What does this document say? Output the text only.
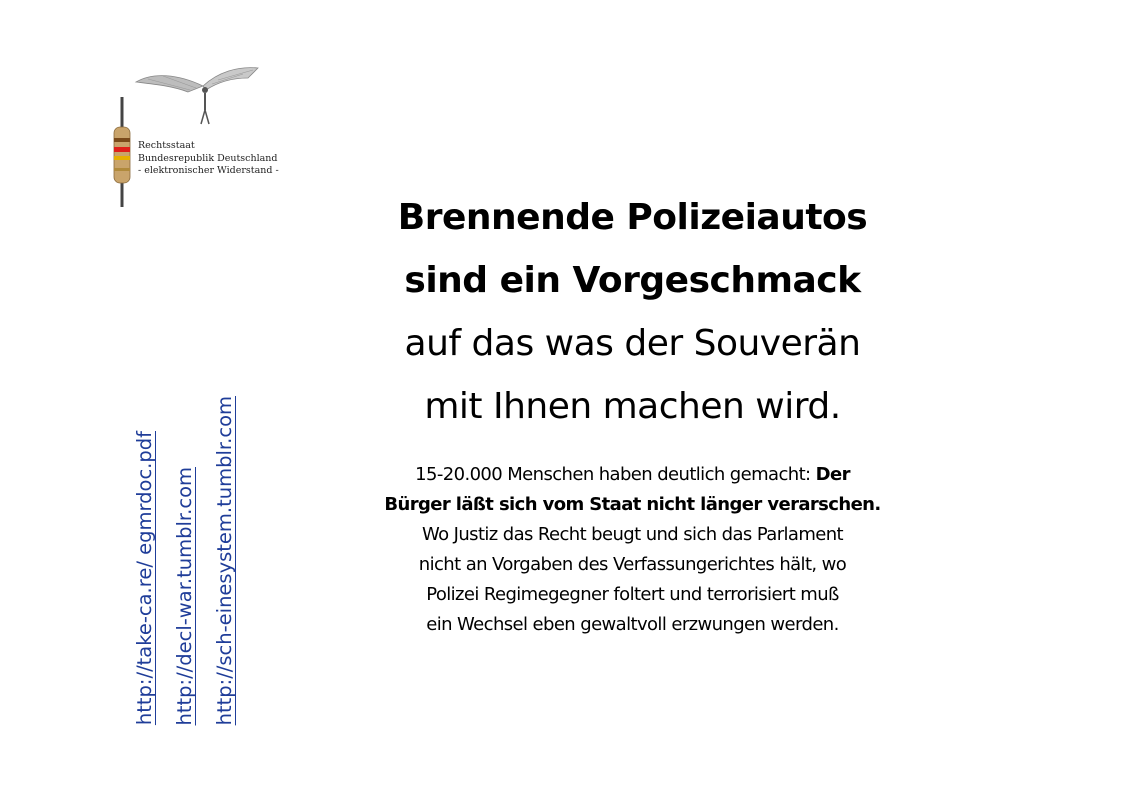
Rechtsstaat
Bundesrepublik Deutschland
- elektronischer Widerstand -
http://take-ca.re/ egmrdoc.pdf http://decl-war.tumblr.com http://sch-einesystem.tumblr.com
Brennende Polizeiautos
sind ein Vorgeschmack
auf das was der Souverän
mit Ihnen machen wird.
15-20.000 Menschen haben deutlich gemacht: Der
Bürger läßt sich vom Staat nicht länger verarschen.
Wo Justiz das Recht beugt und sich das Parlament
nicht an Vorgaben des Verfassungerichtes hält, wo
Polizei Regimegegner foltert und terrorisiert muß
ein Wechsel eben gewaltvoll erzwungen werden.
